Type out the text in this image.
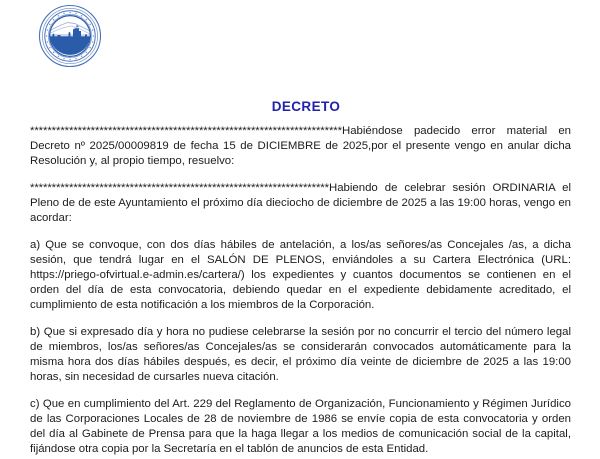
DECRETO

************************************************************************Habiéndose padecido error material en Decreto nº 2025/00009819 de fecha 15 de DICIEMBRE de 2025,por el presente vengo en anular dicha Resolución y, al propio tiempo, resuelvo:

*********************************************************************Habiendo de celebrar sesión ORDINARIA el Pleno de de este Ayuntamiento el próximo día dieciocho de diciembre de 2025 a las 19:00 horas, vengo en acordar:

a) Que se convoque, con dos días hábiles de antelación, a los/as señores/as Concejales /as, a dicha sesión, que tendrá lugar en el SALÓN DE PLENOS, enviándoles a su Cartera Electrónica (URL: https://priego-ofvirtual.e-admin.es/cartera/) los expedientes y cuantos documentos se contienen en el orden del día de esta convocatoria, debiendo quedar en el expediente debidamente acreditado, el cumplimiento de esta notificación a los miembros de la Corporación.

b) Que si expresado día y hora no pudiese celebrarse la sesión por no concurrir el tercio del número legal de miembros, los/as señores/as Concejales/as se considerarán convocados automáticamente para la misma hora dos días hábiles después, es decir, el próximo día veinte de diciembre de 2025 a las 19:00 horas, sin necesidad de cursarles nueva citación.

c) Que en cumplimiento del Art. 229 del Reglamento de Organización, Funcionamiento y Régimen Jurídico de las Corporaciones Locales de 28 de noviembre de 1986 se envíe copia de esta convocatoria y orden del día al Gabinete de Prensa para que la haga llegar a los medios de comunicación social de la capital, fijándose otra copia por la Secretaría en el tablón de anuncios de esta Entidad.
